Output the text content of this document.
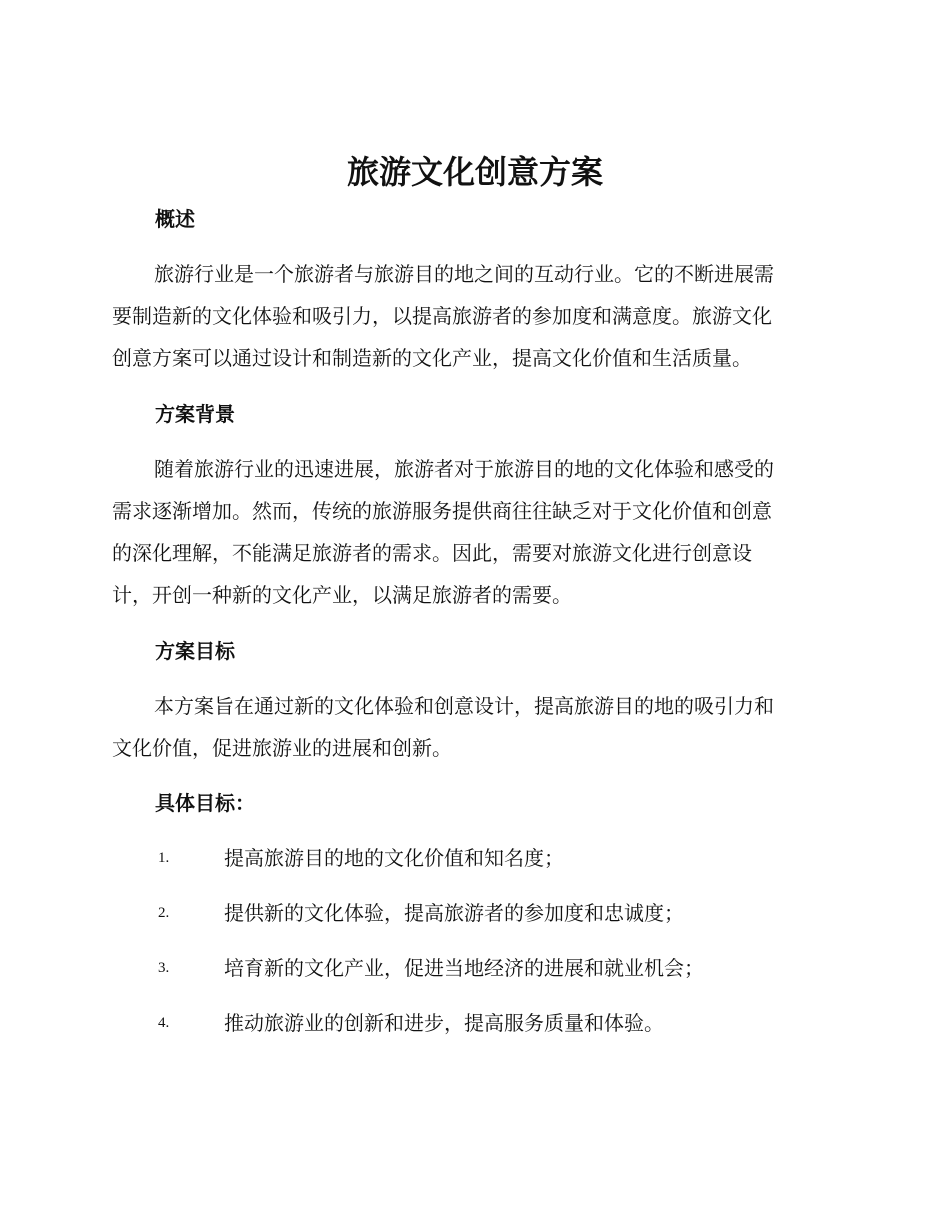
旅游文化创意方案
概述
旅游行业是一个旅游者与旅游目的地之间的互动行业。它的不断进展需
要制造新的文化体验和吸引力，以提高旅游者的参加度和满意度。旅游文化
创意方案可以通过设计和制造新的文化产业，提高文化价值和生活质量。
方案背景
随着旅游行业的迅速进展，旅游者对于旅游目的地的文化体验和感受的
需求逐渐增加。然而，传统的旅游服务提供商往往缺乏对于文化价值和创意
的深化理解，不能满足旅游者的需求。因此，需要对旅游文化进行创意设
计，开创一种新的文化产业，以满足旅游者的需要。
方案目标
本方案旨在通过新的文化体验和创意设计，提高旅游目的地的吸引力和
文化价值，促进旅游业的进展和创新。
具体目标：
1.	提高旅游目的地的文化价值和知名度；
2.	提供新的文化体验，提高旅游者的参加度和忠诚度；
3.	培育新的文化产业，促进当地经济的进展和就业机会；
4.	推动旅游业的创新和进步，提高服务质量和体验。
